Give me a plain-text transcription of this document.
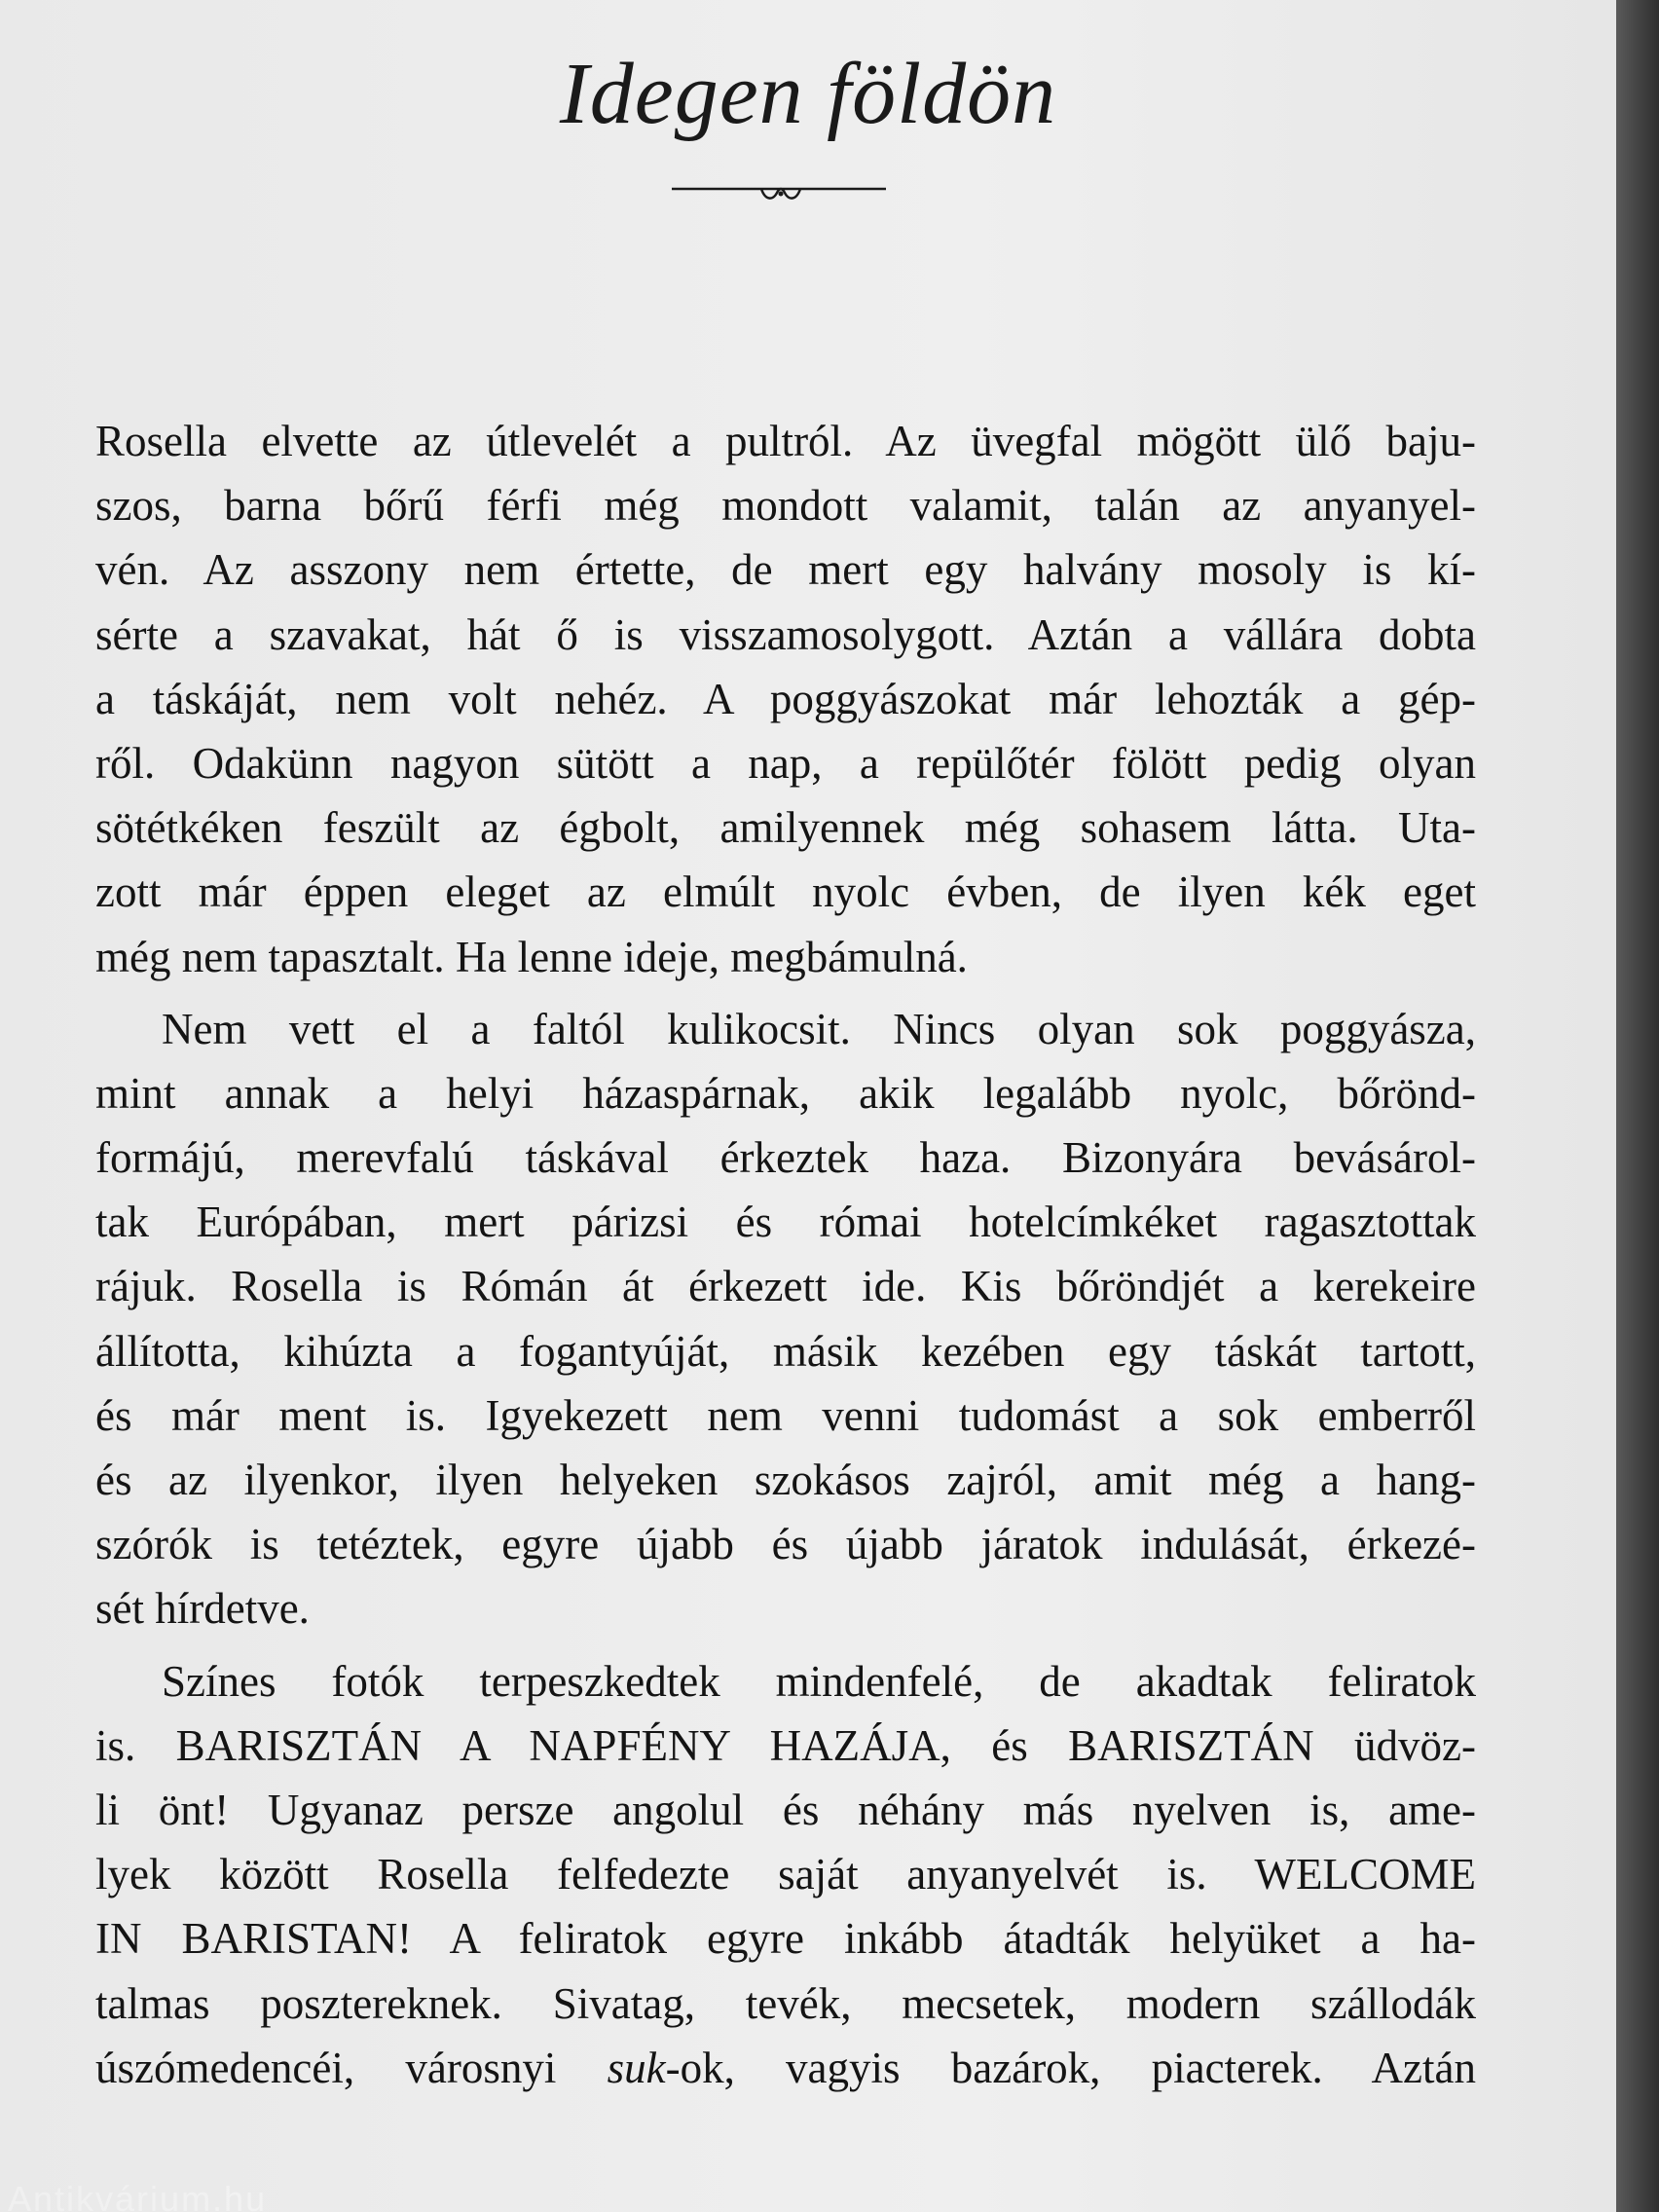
Idegen földön
Rosella elvette az útlevelét a pultról. Az üvegfal mögött ülő baju-
szos, barna bőrű férfi még mondott valamit, talán az anyanyel-
vén. Az asszony nem értette, de mert egy halvány mosoly is kí-
sérte a szavakat, hát ő is visszamosolygott. Aztán a vállára dobta
a táskáját, nem volt nehéz. A poggyászokat már lehozták a gép-
ről. Odakünn nagyon sütött a nap, a repülőtér fölött pedig olyan
sötétkéken feszült az égbolt, amilyennek még sohasem látta. Uta-
zott már éppen eleget az elmúlt nyolc évben, de ilyen kék eget
még nem tapasztalt. Ha lenne ideje, megbámulná.
Nem vett el a faltól kulikocsit. Nincs olyan sok poggyásza,
mint annak a helyi házaspárnak, akik legalább nyolc, bőrönd-
formájú, merevfalú táskával érkeztek haza. Bizonyára bevásárol-
tak Európában, mert párizsi és római hotelcímkéket ragasztottak
rájuk. Rosella is Rómán át érkezett ide. Kis bőröndjét a kerekeire
állította, kihúzta a fogantyúját, másik kezében egy táskát tartott,
és már ment is. Igyekezett nem venni tudomást a sok emberről
és az ilyenkor, ilyen helyeken szokásos zajról, amit még a hang-
szórók is tetéztek, egyre újabb és újabb járatok indulását, érkezé-
sét hírdetve.
Színes fotók terpeszkedtek mindenfelé, de akadtak feliratok
is. BARISZTÁN A NAPFÉNY HAZÁJA, és BARISZTÁN üdvöz-
li önt! Ugyanaz persze angolul és néhány más nyelven is, ame-
lyek között Rosella felfedezte saját anyanyelvét is. WELCOME
IN BARISTAN! A feliratok egyre inkább átadták helyüket a ha-
talmas posztereknek. Sivatag, tevék, mecsetek, modern szállodák
úszómedencéi, városnyi suk-ok, vagyis bazárok, piacterek. Aztán
Antikvárium.hu
